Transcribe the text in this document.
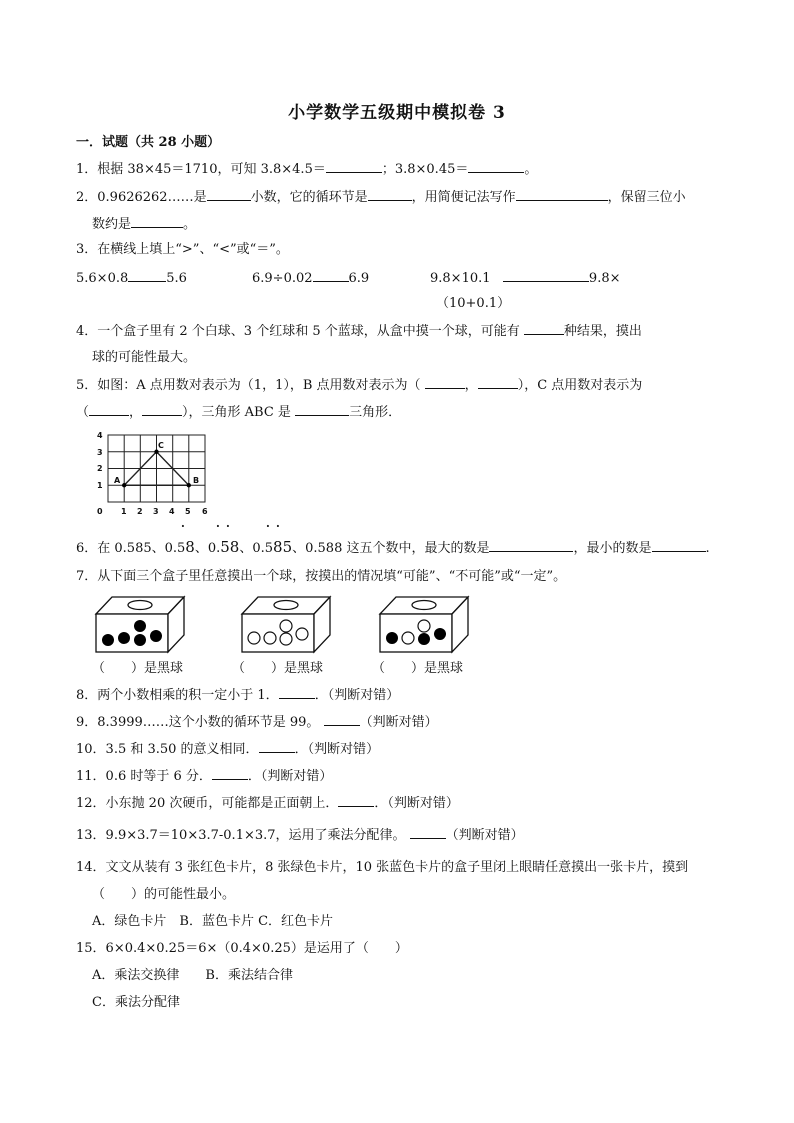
小学数学五级期中模拟卷 3
一．试题（共 28 小题）
1．根据 38×45＝1710，可知 3.8×4.5＝	；3.8×0.45＝	。
2．0.9626262……是	小数，它的循环节是	，用简便记法写作	，保留三位小
数约是	。
3．在横线上填上“>”、“<”或“＝”。
5.6×0.8	5.6	6.9÷0.02	6.9	9.8×10.1	9.8×
（10+0.1）
4．一个盒子里有 2 个白球、3 个红球和 5 个蓝球，从盒中摸一个球，可能有	种结果，摸出
球的可能性最大。
5．如图：A 点用数对表示为（1，1），B 点用数对表示为（	，	），C 点用数对表示为
（	，	），三角形 ABC 是	三角形．
A	B
C
1
2
3
4
0 1 2 3 4 5 6
·	· ·	· ·
6．在 0.585、0.58、0.58、0.585、0.588 这五个数中，最大的数是	，最小的数是	.
7．从下面三个盒子里任意摸出一个球，按摸出的情况填“可能”、“不可能”或“一定”。
（　　）是黑球	（　　）是黑球	（　　）是黑球
8．两个小数相乘的积一定小于 1．	．（判断对错）
9．8.3999……这个小数的循环节是 99。	（判断对错）
10．3.5 和 3.50 的意义相同．	．（判断对错）
11．0.6 时等于 6 分．	．（判断对错）
12．小东抛 20 次硬币，可能都是正面朝上．	．（判断对错）
13．9.9×3.7＝10×3.7-0.1×3.7，运用了乘法分配律。	（判断对错）
14．文文从装有 3 张红色卡片，8 张绿色卡片，10 张蓝色卡片的盒子里闭上眼睛任意摸出一张卡片，摸到
（　　）的可能性最小。
A．绿色卡片　B．蓝色卡片 C．红色卡片
15．6×0.4×0.25＝6×（0.4×0.25）是运用了（　　）
A．乘法交换律　　B．乘法结合律
C．乘法分配律
